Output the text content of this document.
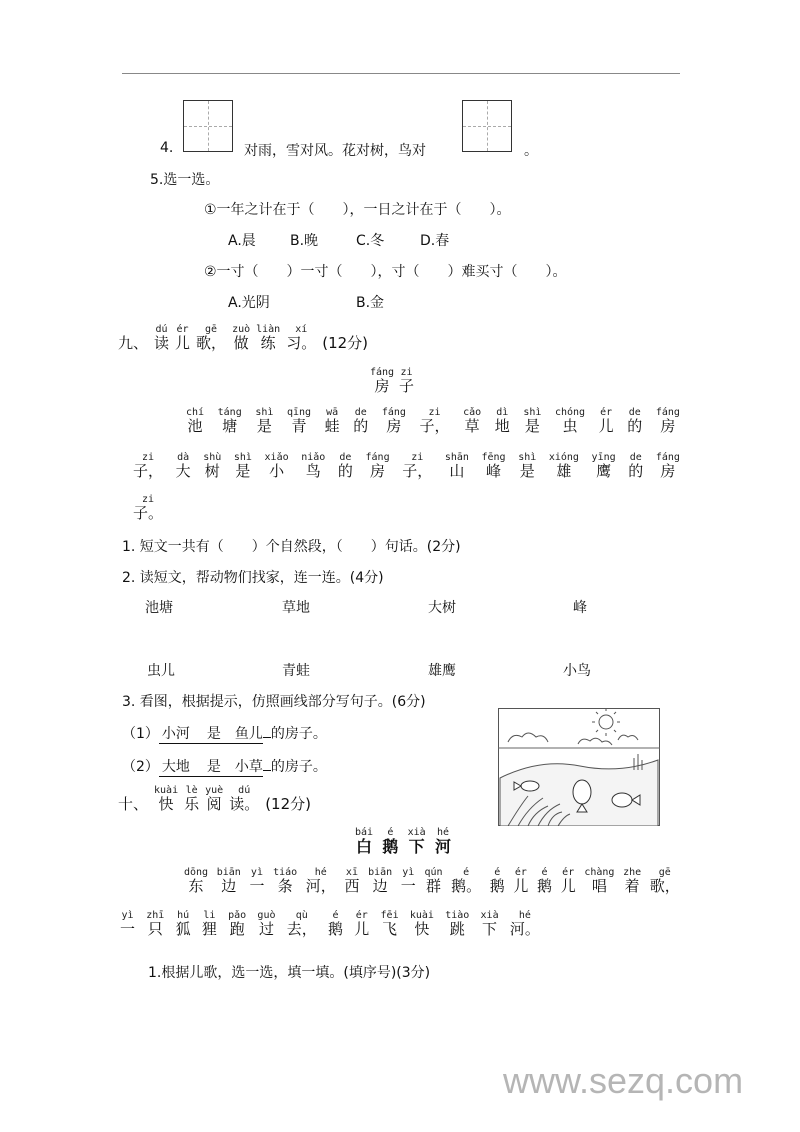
4.	对雨，雪对风。花对树，鸟对	。
5.选一选。
①一年之计在于（　　），一日之计在于（　　）。
A.晨 B.晚	C.冬	D.春
②一寸（　　）一寸（　　），寸（　　）难买寸（　　）。
A.光阴	B.金
九、
dú
读
ér
儿
gē
歌，
zuò
做
liàn
练
xí
习。 (12分)
fáng
房
zi
子
chí
池
táng
塘
shì
是
qīng
青
wā
蛙
de
的
fáng
房
zi
子，
cǎo
草
dì
地
shì
是
chóng
虫
ér
儿
de
的
fáng
房
zi
子，
dà
大
shù
树
shì
是
xiǎo
小
niǎo
鸟
de
的
fáng
房
zi
子，
shān
山
fēng
峰
shì
是
xióng
雄
yīng
鹰
de
的
fáng
房
zi
子。
1. 短文一共有（　　）个自然段，（　　）句话。(2分)
2. 读短文，帮动物们找家，连一连。(4分)
池塘	草地	大树	峰
虫儿	青蛙	雄鹰	小鸟
3. 看图，根据提示，仿照画线部分写句子。(6分)
（1） 小河 是 鱼儿 的房子。
（2） 大地 是 小草 的房子。
十、
kuài
快
lè
乐
yuè
阅
dú
读。 (12分)
bái
白
é
鹅
xià
下
hé
河
dōng
东
biān
边
yì
一
tiáo
条
hé
河，
xī
西
biān
边
yì
一
qún
群
é
鹅。
é
鹅
ér
儿
é
鹅
ér
儿
chàng
唱
zhe
着
gē
歌，
yì
一
zhī
只
hú
狐
li
狸
pǎo
跑
guò
过
qù
去，
é
鹅
ér
儿
fēi
飞
kuài
快
tiào
跳
xià
下
hé
河。
1.根据儿歌，选一选，填一填。(填序号)(3分)
www.sezq.com
